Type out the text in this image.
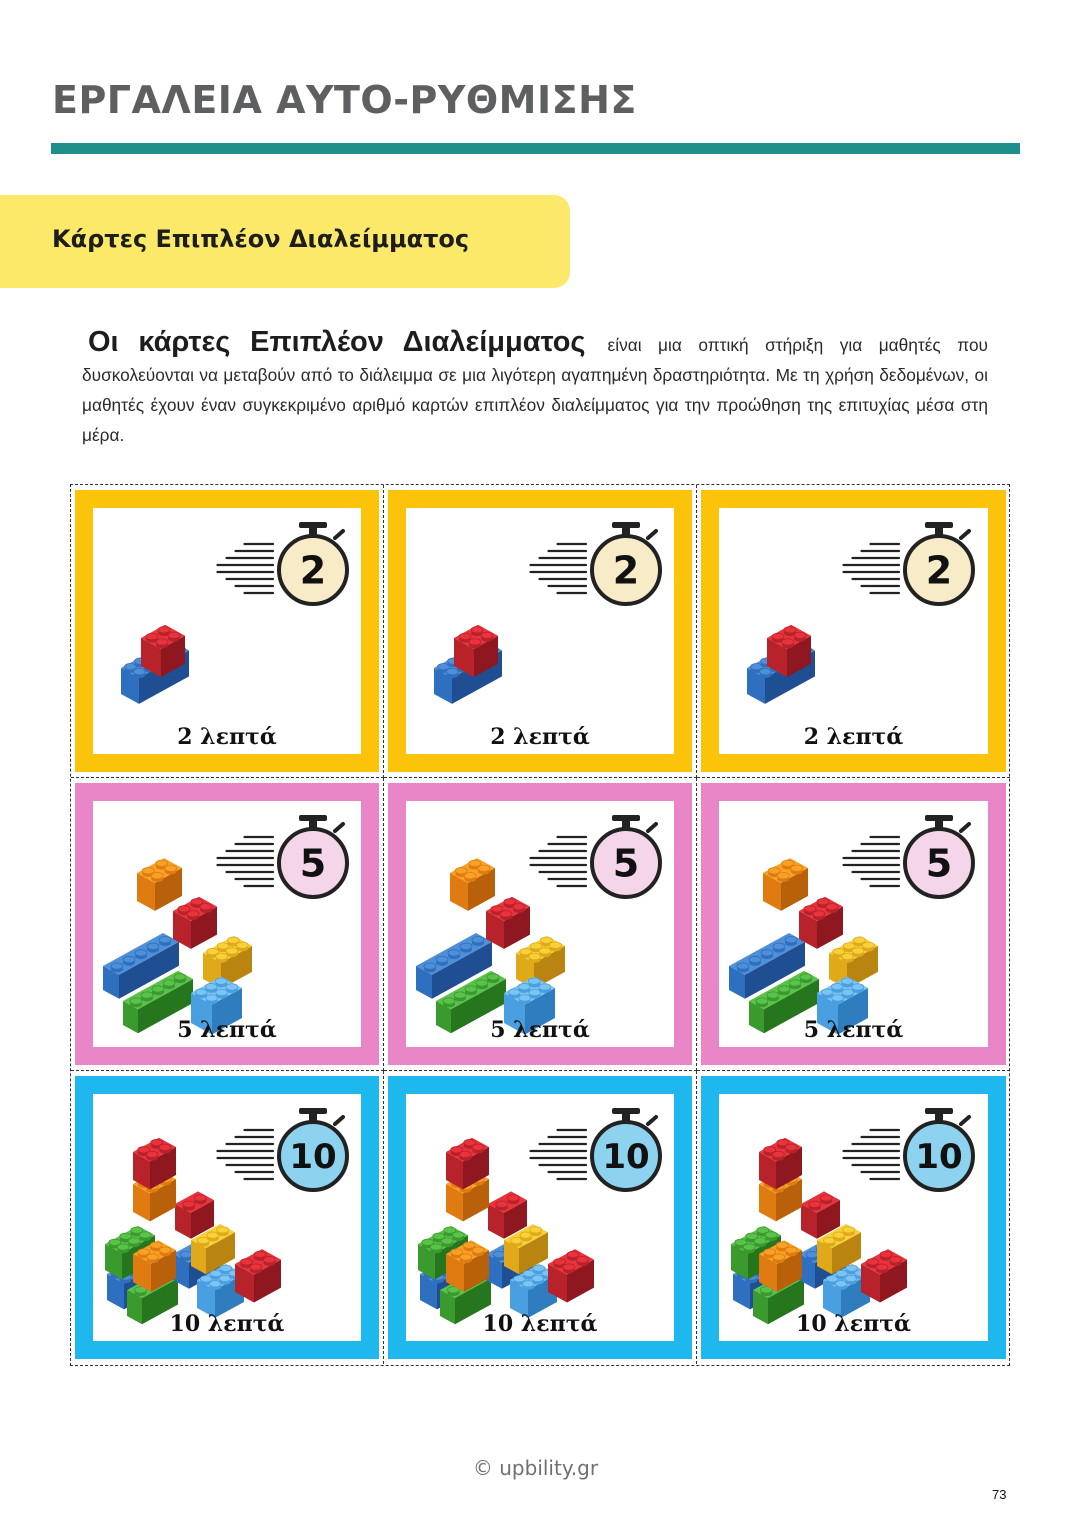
ΕΡΓΑΛΕΙΑ ΑΥΤΟ-ΡΥΘΜΙΣΗΣ
Κάρτες Επιπλέον Διαλείμματος

Οι κάρτες Επιπλέον Διαλείμματος είναι μια οπτική στήριξη για μαθητές που δυσκολεύονται να μεταβούν από το διάλειμμα σε μια λιγότερη αγαπημένη δραστηριότητα. Με τη χρήση δεδομένων, οι μαθητές έχουν έναν συγκεκριμένο αριθμό καρτών επιπλέον διαλείμματος για την προώθηση της επιτυχίας μέσα στη μέρα.

2
2 λεπτά
2
2 λεπτά
2
2 λεπτά
5
5 λεπτά
5
5 λεπτά
5
5 λεπτά
10
10 λεπτά
10
10 λεπτά
10
10 λεπτά
© upbility.gr
73
